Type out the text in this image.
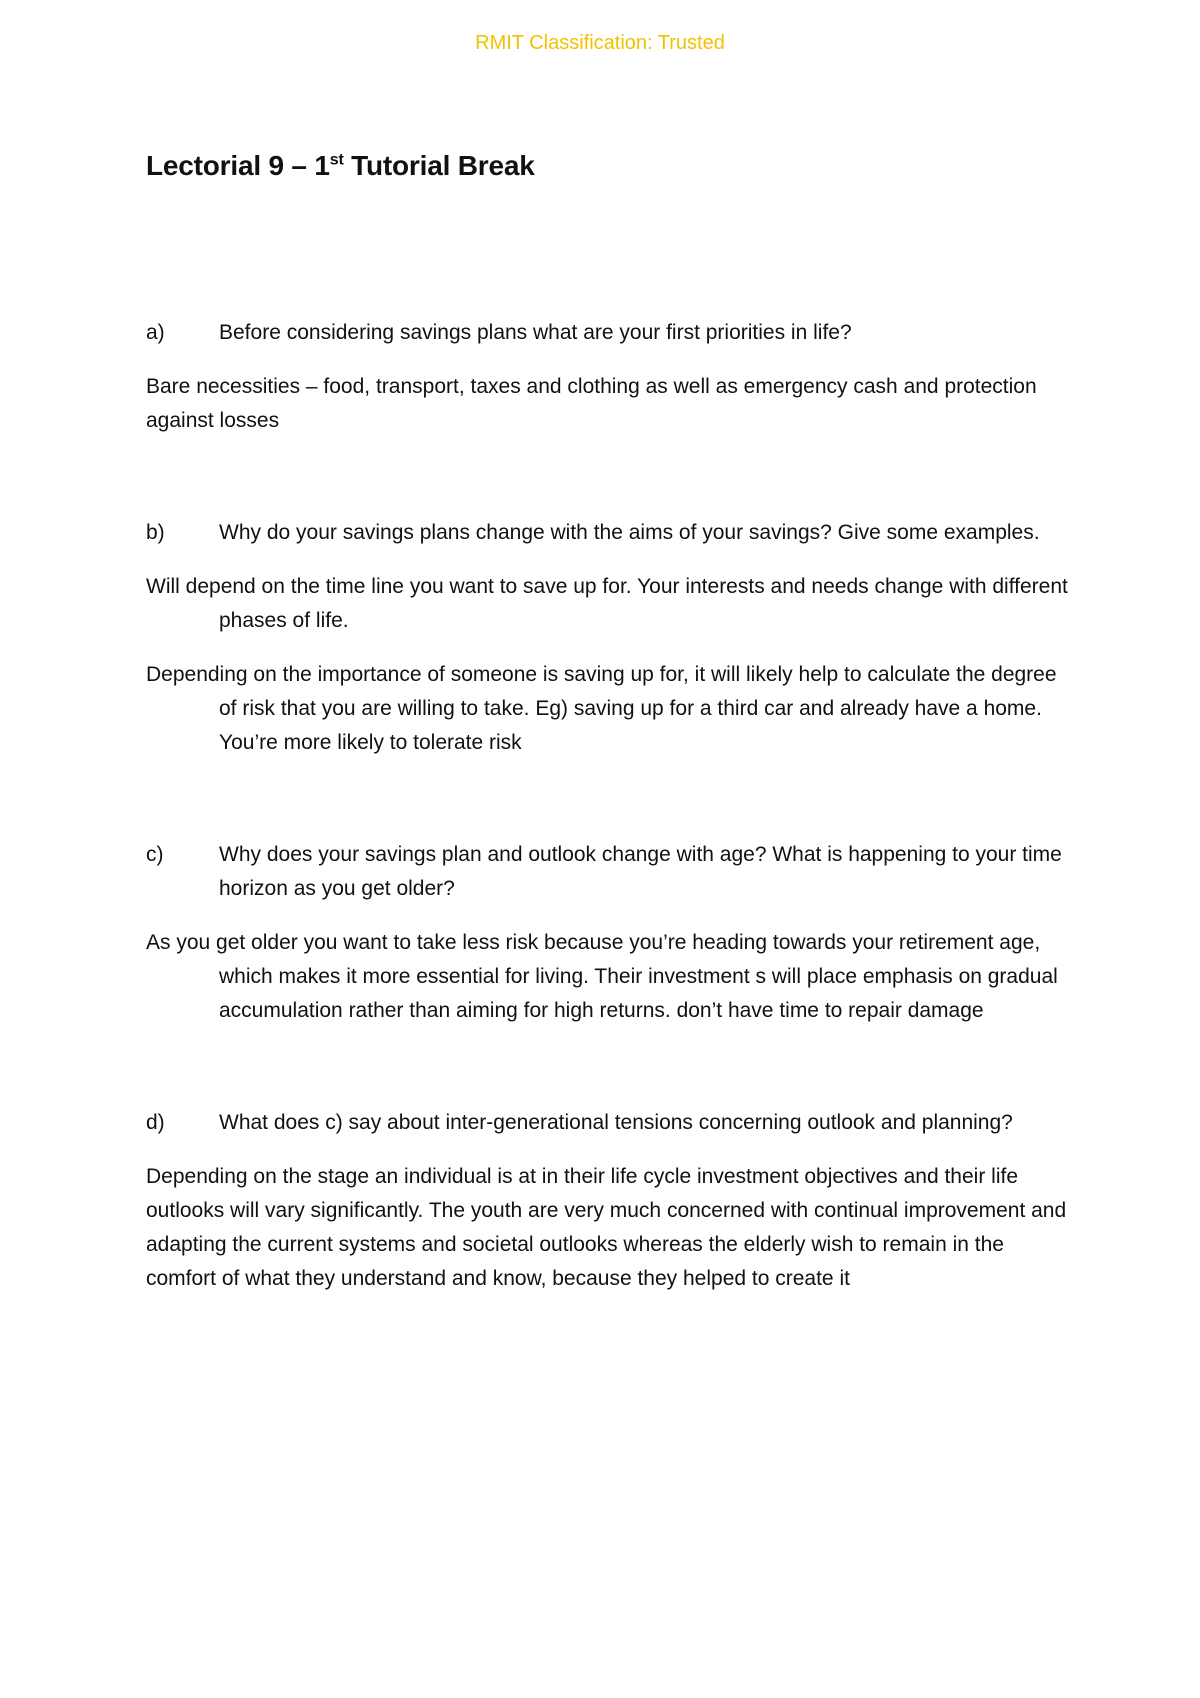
RMIT Classification: Trusted
Lectorial 9 – 1st Tutorial Break
a)	Before considering savings plans what are your first priorities in life?

Bare necessities – food, transport, taxes and clothing as well as emergency cash and protection against losses

b)	Why do your savings plans change with the aims of your savings? Give some examples.

Will depend on the time line you want to save up for. Your interests and needs change with different phases of life.

Depending on the importance of someone is saving up for, it will likely help to calculate the degree of risk that you are willing to take. Eg) saving up for a third car and already have a home. You’re more likely to tolerate risk

c)	Why does your savings plan and outlook change with age? What is happening to your time horizon as you get older?

As you get older you want to take less risk because you’re heading towards your retirement age, which makes it more essential for living. Their investment s will place emphasis on gradual accumulation rather than aiming for high returns. don’t have time to repair damage

d)	What does c) say about inter-generational tensions concerning outlook and planning?

Depending on the stage an individual is at in their life cycle investment objectives and their life outlooks will vary significantly. The youth are very much concerned with continual improvement and adapting the current systems and societal outlooks whereas the elderly wish to remain in the comfort of what they understand and know, because they helped to create it
